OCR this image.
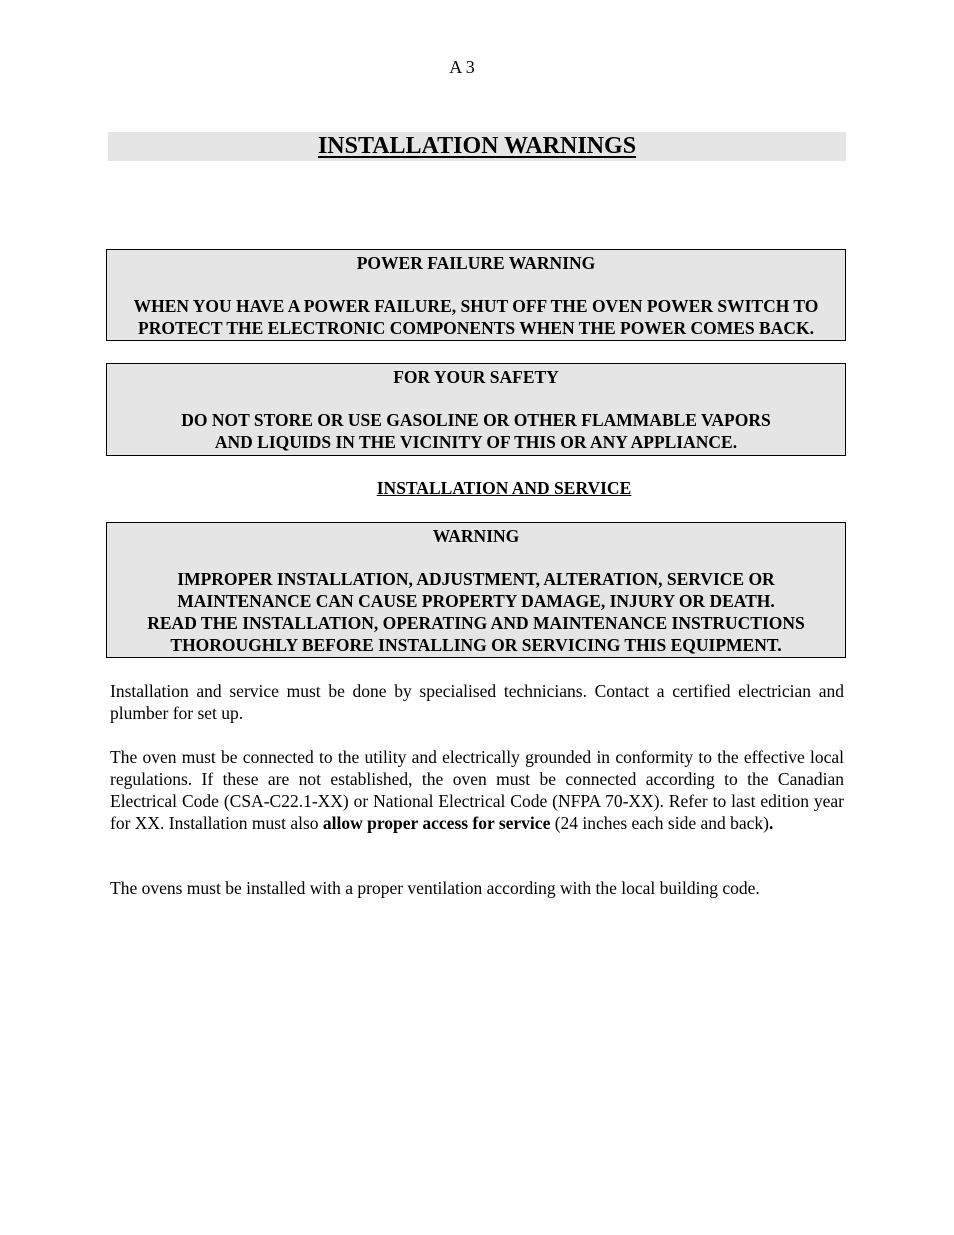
A 3
INSTALLATION WARNINGS
POWER FAILURE WARNING
WHEN YOU HAVE A POWER FAILURE, SHUT OFF THE OVEN POWER SWITCH TO
PROTECT THE ELECTRONIC COMPONENTS WHEN THE POWER COMES BACK.
FOR YOUR SAFETY
DO NOT STORE OR USE GASOLINE OR OTHER FLAMMABLE VAPORS
AND LIQUIDS IN THE VICINITY OF THIS OR ANY APPLIANCE.
INSTALLATION AND SERVICE
WARNING
IMPROPER INSTALLATION, ADJUSTMENT, ALTERATION, SERVICE OR
MAINTENANCE CAN CAUSE PROPERTY DAMAGE, INJURY OR DEATH.
READ THE INSTALLATION, OPERATING AND MAINTENANCE INSTRUCTIONS
THOROUGHLY BEFORE INSTALLING OR SERVICING THIS EQUIPMENT.
Installation and service must be done by specialised technicians. Contact a certified electrician and plumber for set up.
The oven must be connected to the utility and electrically grounded in conformity to the effective local regulations. If these are not established, the oven must be connected according to the Canadian Electrical Code (CSA-C22.1-XX) or National Electrical Code (NFPA 70-XX). Refer to last edition year for XX. Installation must also allow proper access for service (24 inches each side and back).
The ovens must be installed with a proper ventilation according with the local building code.
